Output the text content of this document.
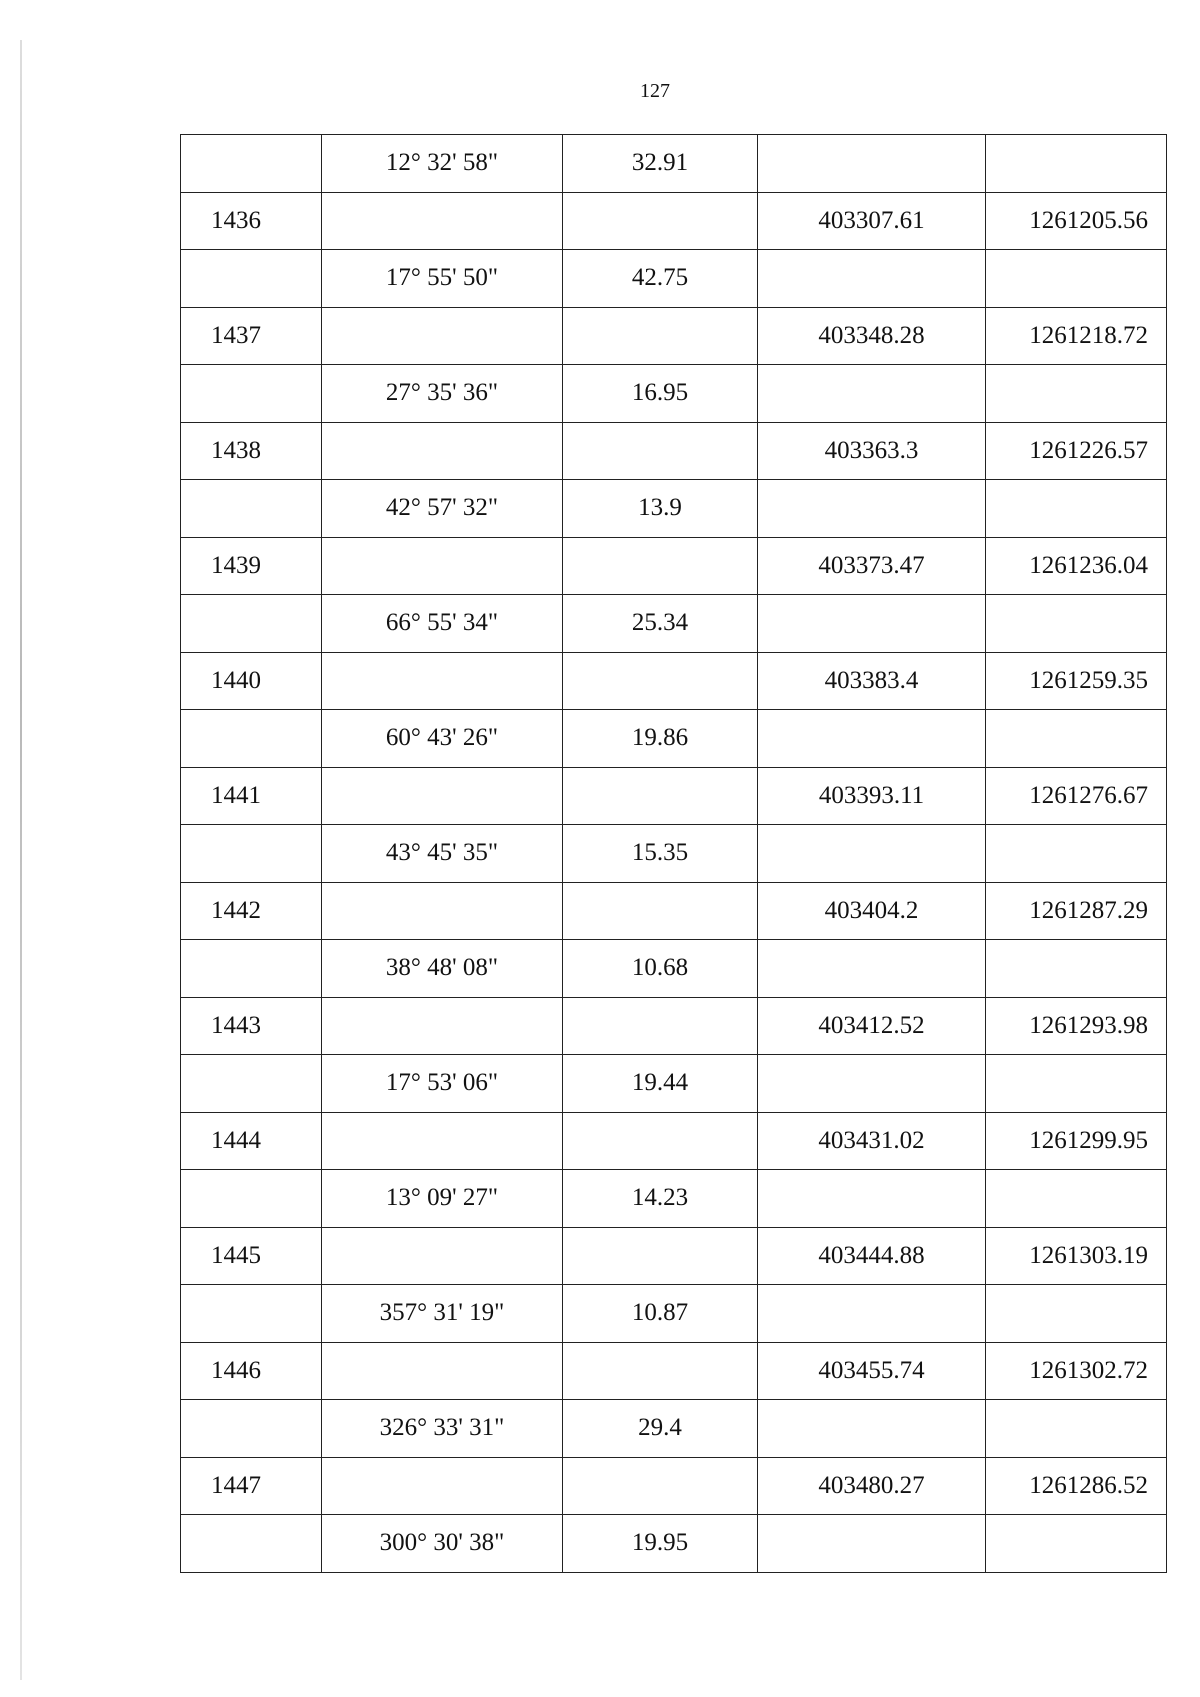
127
	12° 32' 58"	32.91		
1436			403307.61	1261205.56
	17° 55' 50"	42.75		
1437			403348.28	1261218.72
	27° 35' 36"	16.95		
1438			403363.3	1261226.57
	42° 57' 32"	13.9		
1439			403373.47	1261236.04
	66° 55' 34"	25.34		
1440			403383.4	1261259.35
	60° 43' 26"	19.86		
1441			403393.11	1261276.67
	43° 45' 35"	15.35		
1442			403404.2	1261287.29
	38° 48' 08"	10.68		
1443			403412.52	1261293.98
	17° 53' 06"	19.44		
1444			403431.02	1261299.95
	13° 09' 27"	14.23		
1445			403444.88	1261303.19
	357° 31' 19"	10.87		
1446			403455.74	1261302.72
	326° 33' 31"	29.4		
1447			403480.27	1261286.52
	300° 30' 38"	19.95		
